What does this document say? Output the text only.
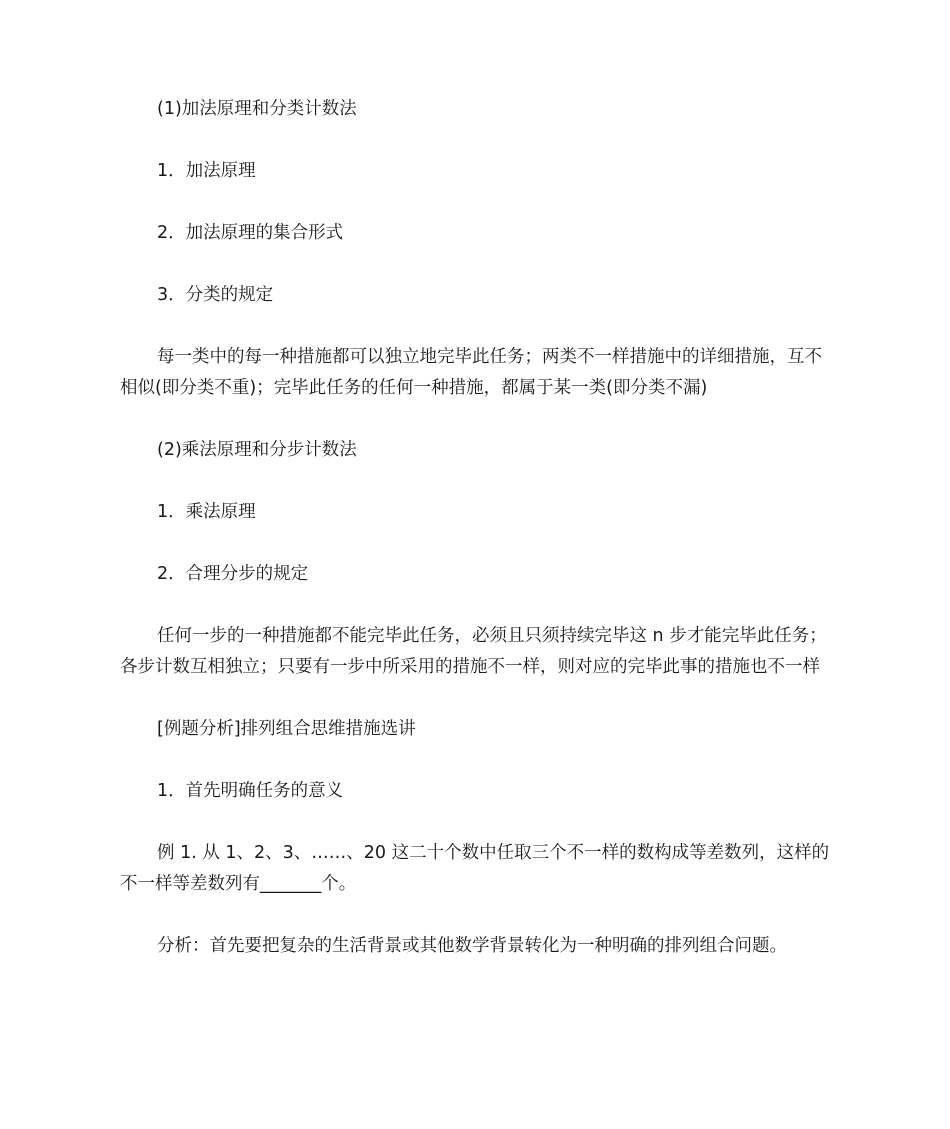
(1)加法原理和分类计数法

1．加法原理

2．加法原理的集合形式

3．分类的规定

每一类中的每一种措施都可以独立地完毕此任务；两类不一样措施中的详细措施，互不相似(即分类不重)；完毕此任务的任何一种措施，都属于某一类(即分类不漏)

(2)乘法原理和分步计数法

1．乘法原理

2．合理分步的规定

任何一步的一种措施都不能完毕此任务，必须且只须持续完毕这 n 步才能完毕此任务；各步计数互相独立；只要有一步中所采用的措施不一样，则对应的完毕此事的措施也不一样

[例题分析]排列组合思维措施选讲

1．首先明确任务的意义

例 1. 从 1、2、3、……、20 这二十个数中任取三个不一样的数构成等差数列，这样的不一样等差数列有_______个。

分析：首先要把复杂的生活背景或其他数学背景转化为一种明确的排列组合问题。
